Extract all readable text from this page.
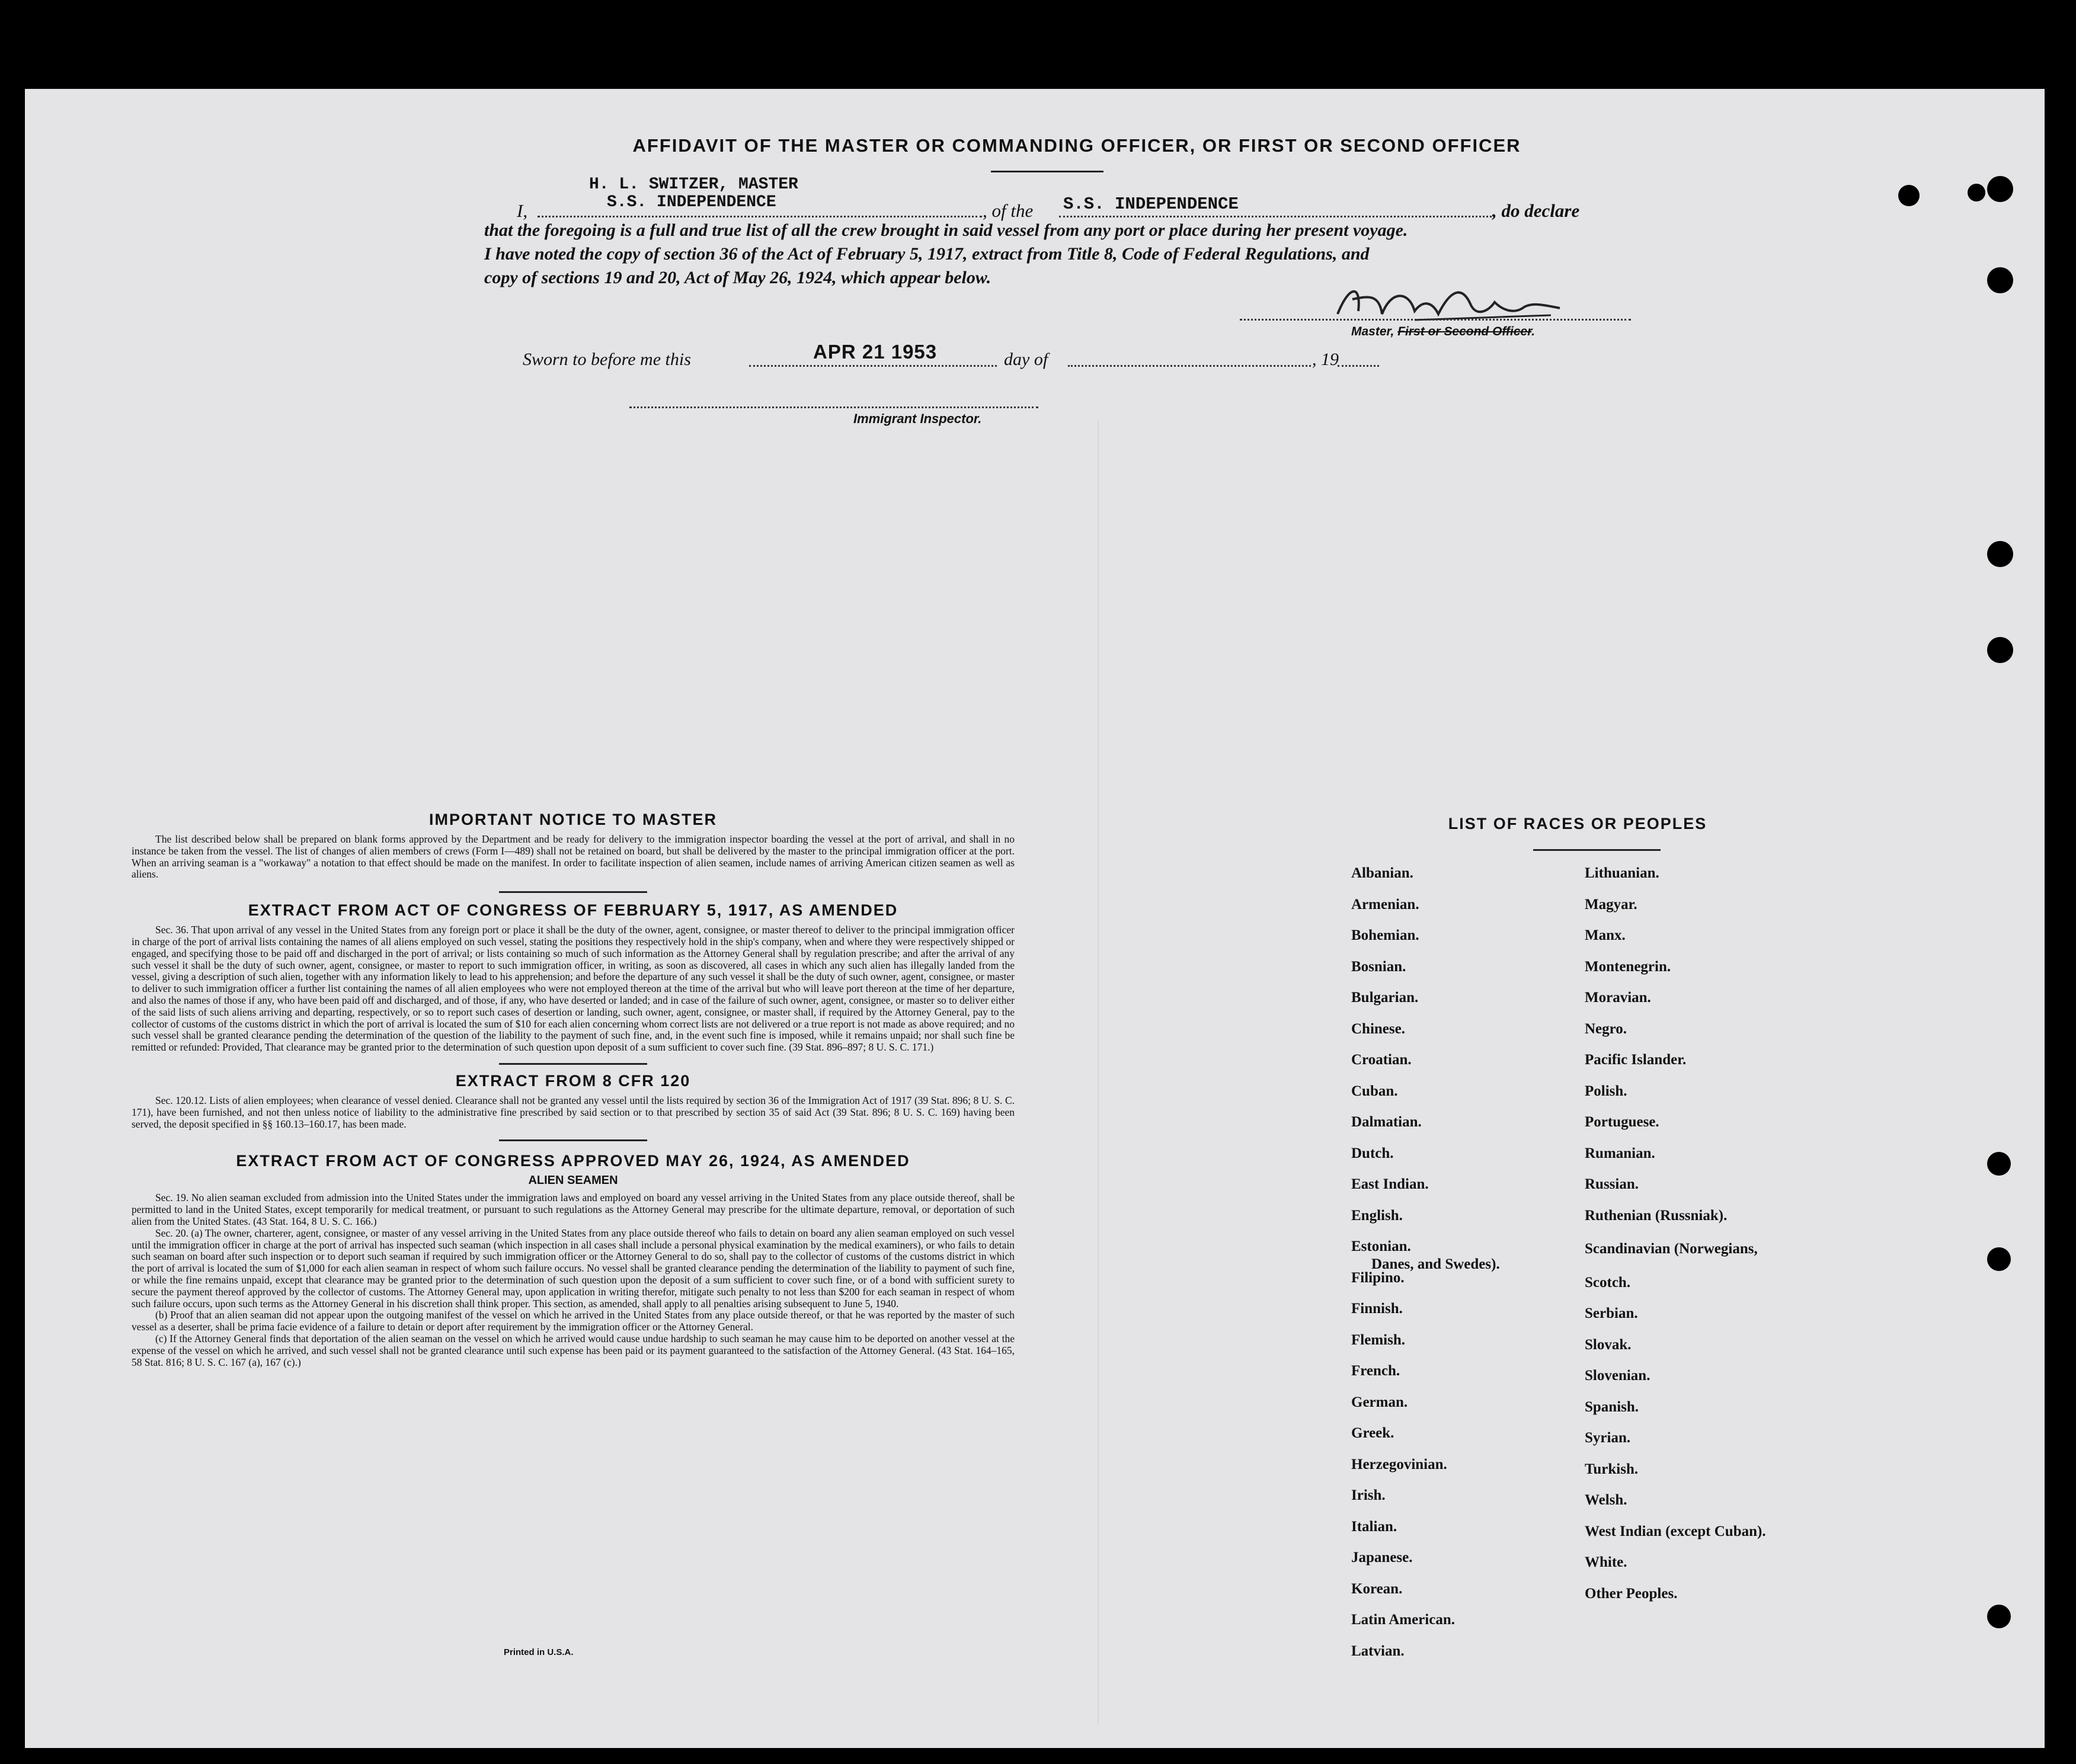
AFFIDAVIT OF THE MASTER OR COMMANDING OFFICER, OR FIRST OR SECOND OFFICER
H. L. SWITZER, MASTER
S.S. INDEPENDENCE
I,	, of the S.S. INDEPENDENCE	, do declare
that the foregoing is a full and true list of all the crew brought in said vessel from any port or place during her present voyage.
I have noted the copy of section 36 of the Act of February 5, 1917, extract from Title 8, Code of Federal Regulations, and
copy of sections 19 and 20, Act of May 26, 1924, which appear below.
Master, First or Second Officer.
Sworn to before me this	APR 21 1953	day of	, 19
Immigrant Inspector.
IMPORTANT NOTICE TO MASTER
The list described below shall be prepared on blank forms approved by the Department and be ready for delivery to the immigration inspector boarding the vessel at the port of arrival, and shall in no instance be taken from the vessel. The list of changes of alien members of crews (Form I—489) shall not be retained on board, but shall be delivered by the master to the principal immigration officer at the port. When an arriving seaman is a "workaway" a notation to that effect should be made on the manifest. In order to facilitate inspection of alien seamen, include names of arriving American citizen seamen as well as aliens.
EXTRACT FROM ACT OF CONGRESS OF FEBRUARY 5, 1917, AS AMENDED
Sec. 36. That upon arrival of any vessel in the United States from any foreign port or place it shall be the duty of the owner, agent, consignee, or master thereof to deliver to the principal immigration officer in charge of the port of arrival lists containing the names of all aliens employed on such vessel, stating the positions they respectively hold in the ship's company, when and where they were respectively shipped or engaged, and specifying those to be paid off and discharged in the port of arrival; or lists containing so much of such information as the Attorney General shall by regulation prescribe; and after the arrival of any such vessel it shall be the duty of such owner, agent, consignee, or master to report to such immigration officer, in writing, as soon as discovered, all cases in which any such alien has illegally landed from the vessel, giving a description of such alien, together with any information likely to lead to his apprehension; and before the departure of any such vessel it shall be the duty of such owner, agent, consignee, or master to deliver to such immigration officer a further list containing the names of all alien employees who were not employed thereon at the time of the arrival but who will leave port thereon at the time of her departure, and also the names of those if any, who have been paid off and discharged, and of those, if any, who have deserted or landed; and in case of the failure of such owner, agent, consignee, or master so to deliver either of the said lists of such aliens arriving and departing, respectively, or so to report such cases of desertion or landing, such owner, agent, consignee, or master shall, if required by the Attorney General, pay to the collector of customs of the customs district in which the port of arrival is located the sum of $10 for each alien concerning whom correct lists are not delivered or a true report is not made as above required; and no such vessel shall be granted clearance pending the determination of the question of the liability to the payment of such fine, and, in the event such fine is imposed, while it remains unpaid; nor shall such fine be remitted or refunded: Provided, That clearance may be granted prior to the determination of such question upon deposit of a sum sufficient to cover such fine. (39 Stat. 896–897; 8 U. S. C. 171.)
EXTRACT FROM 8 CFR 120
Sec. 120.12. Lists of alien employees; when clearance of vessel denied. Clearance shall not be granted any vessel until the lists required by section 36 of the Immigration Act of 1917 (39 Stat. 896; 8 U. S. C. 171), have been furnished, and not then unless notice of liability to the administrative fine prescribed by said section or to that prescribed by section 35 of said Act (39 Stat. 896; 8 U. S. C. 169) having been served, the deposit specified in §§ 160.13–160.17, has been made.
EXTRACT FROM ACT OF CONGRESS APPROVED MAY 26, 1924, AS AMENDED
ALIEN SEAMEN
Sec. 19. No alien seaman excluded from admission into the United States under the immigration laws and employed on board any vessel arriving in the United States from any place outside thereof, shall be permitted to land in the United States, except temporarily for medical treatment, or pursuant to such regulations as the Attorney General may prescribe for the ultimate departure, removal, or deportation of such alien from the United States. (43 Stat. 164, 8 U. S. C. 166.)
Sec. 20. (a) The owner, charterer, agent, consignee, or master of any vessel arriving in the United States from any place outside thereof who fails to detain on board any alien seaman employed on such vessel until the immigration officer in charge at the port of arrival has inspected such seaman (which inspection in all cases shall include a personal physical examination by the medical examiners), or who fails to detain such seaman on board after such inspection or to deport such seaman if required by such immigration officer or the Attorney General to do so, shall pay to the collector of customs of the customs district in which the port of arrival is located the sum of $1,000 for each alien seaman in respect of whom such failure occurs. No vessel shall be granted clearance pending the determination of the liability to payment of such fine, or while the fine remains unpaid, except that clearance may be granted prior to the determination of such question upon the deposit of a sum sufficient to cover such fine, or of a bond with sufficient surety to secure the payment thereof approved by the collector of customs. The Attorney General may, upon application in writing therefor, mitigate such penalty to not less than $200 for each seaman in respect of whom such failure occurs, upon such terms as the Attorney General in his discretion shall think proper. This section, as amended, shall apply to all penalties arising subsequent to June 5, 1940.
(b) Proof that an alien seaman did not appear upon the outgoing manifest of the vessel on which he arrived in the United States from any place outside thereof, or that he was reported by the master of such vessel as a deserter, shall be prima facie evidence of a failure to detain or deport after requirement by the immigration officer or the Attorney General.
(c) If the Attorney General finds that deportation of the alien seaman on the vessel on which he arrived would cause undue hardship to such seaman he may cause him to be deported on another vessel at the expense of the vessel on which he arrived, and such vessel shall not be granted clearance until such expense has been paid or its payment guaranteed to the satisfaction of the Attorney General. (43 Stat. 164–165, 58 Stat. 816; 8 U. S. C. 167 (a), 167 (c).)
Printed in U.S.A.
LIST OF RACES OR PEOPLES
Albanian.
Armenian.
Bohemian.
Bosnian.
Bulgarian.
Chinese.
Croatian.
Cuban.
Dalmatian.
Dutch.
East Indian.
English.
Estonian.
Filipino.
Finnish.
Flemish.
French.
German.
Greek.
Herzegovinian.
Irish.
Italian.
Japanese.
Korean.
Latin American.
Latvian.
Lithuanian.
Magyar.
Manx.
Montenegrin.
Moravian.
Negro.
Pacific Islander.
Polish.
Portuguese.
Rumanian.
Russian.
Ruthenian (Russniak).
Scandinavian (Norwegians,
Danes, and Swedes).
Scotch.
Serbian.
Slovak.
Slovenian.
Spanish.
Syrian.
Turkish.
Welsh.
West Indian (except Cuban).
White.
Other Peoples.
